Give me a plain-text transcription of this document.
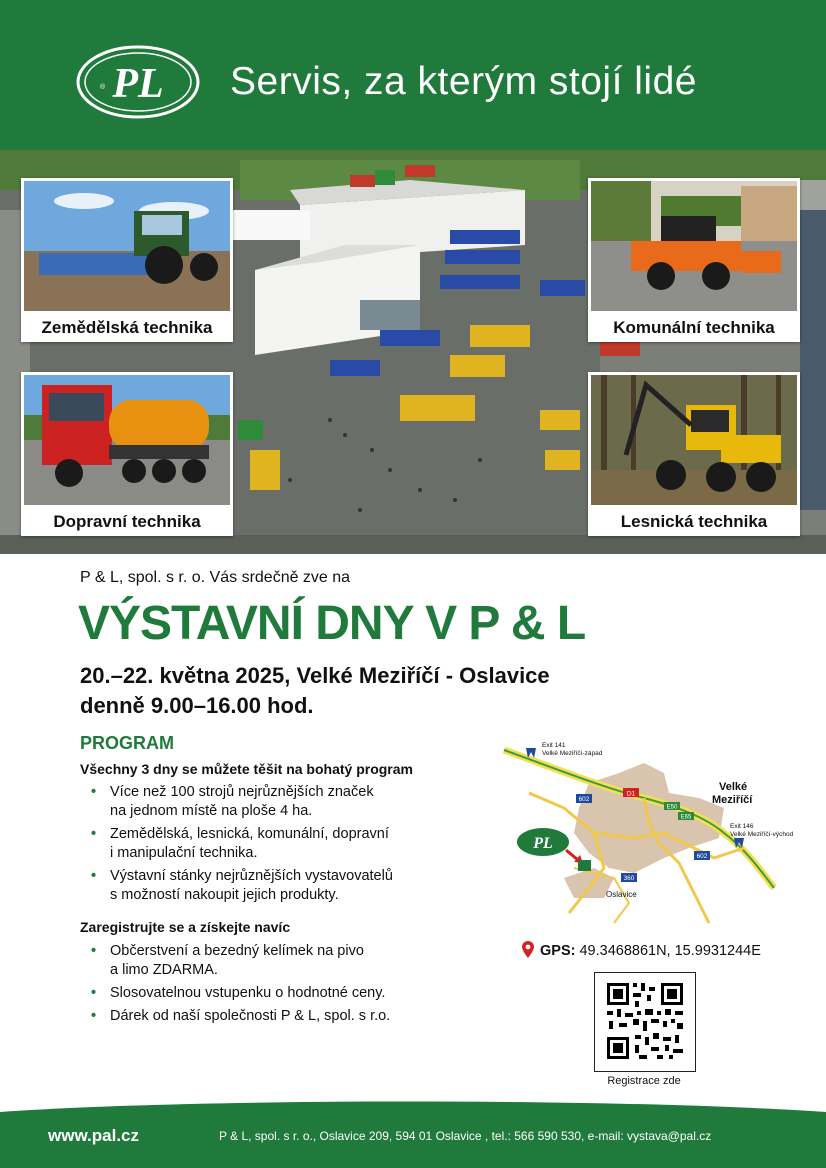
PL
®	Servis, za kterým stojí lidé
Zemědělská technika	Komunální technika
Dopravní technika	Lesnická technika
P & L, spol. s r. o. Vás srdečně zve na
VÝSTAVNÍ DNY V P & L
20.–22. května 2025, Velké Meziříčí - Oslavice
denně 9.00–16.00 hod.
PROGRAM
Všechny 3 dny se můžete těšit na bohatý program
• Více než 100 strojů nejrůznějších značek
na jednom místě na ploše 4 ha.
• Zemědělská, lesnická, komunální, dopravní
i manipulační technika.
• Výstavní stánky nejrůznějších vystavovatelů
s možností nakoupit jejich produkty.
Zaregistrujte se a získejte navíc
• Občerstvení a bezedný kelímek na pivo
a limo ZDARMA.
• Slosovatelnou vstupenku o hodnotné ceny.
• Dárek od naší společnosti P & L, spol. s r.o.
Exit 141
Velké Meziříčí-západ
Exit 146
Velké Meziříčí-východ
Velké
Meziříčí
D1
E50
E65
602
602
360
PL
Oslavice
GPS: 49.3468861N, 15.9931244E
Registrace zde
www.pal.cz	P & L, spol. s r. o., Oslavice 209, 594 01 Oslavice , tel.: 566 590 530, e-mail: vystava@pal.cz
